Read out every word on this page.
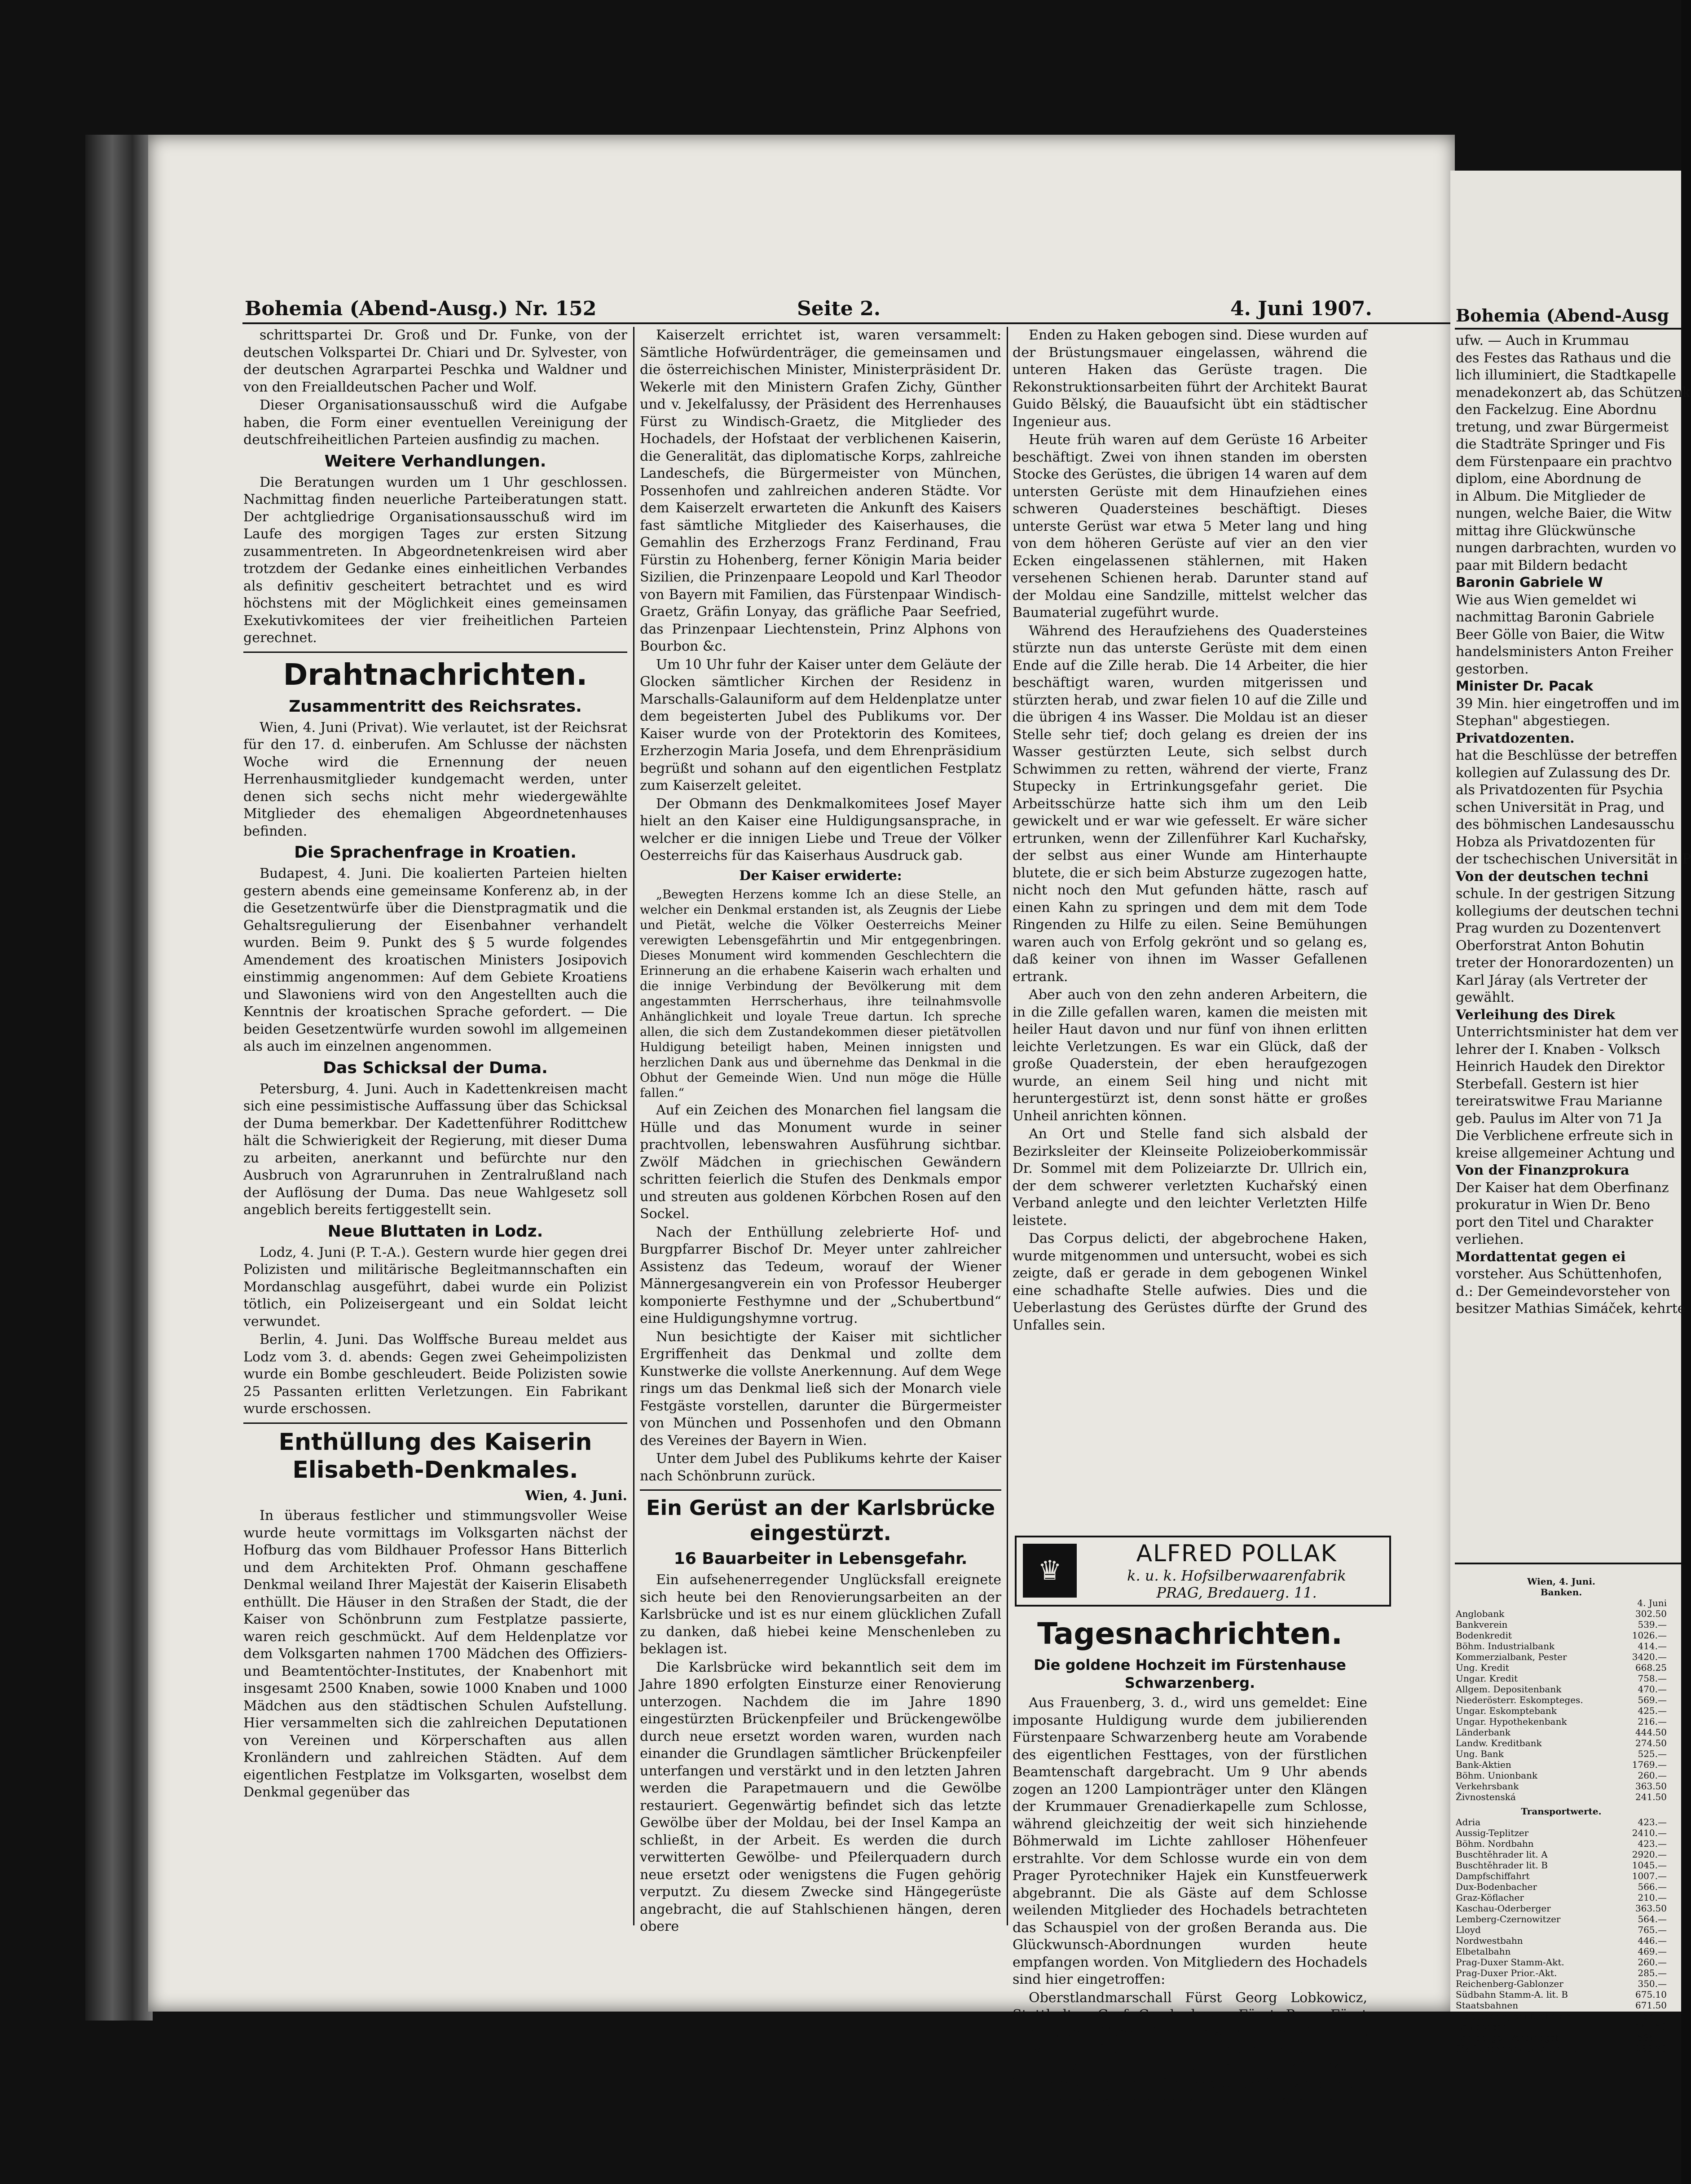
Bohemia (Abend-Ausg.) Nr. 152	Seite 2.	4. Juni 1907.

schrittspartei Dr. Groß und Dr. Funke, von der deutschen Volkspartei Dr. Chiari und Dr. Sylvester, von der deutschen Agrarpartei Peschka und Waldner und von den Freialldeutschen Pacher und Wolf.

Dieser Organisationsausschuß wird die Aufgabe haben, die Form einer eventuellen Vereinigung der deutschfreiheitlichen Parteien ausfindig zu machen.

Weitere Verhandlungen.

Die Beratungen wurden um 1 Uhr geschlossen. Nachmittag finden neuerliche Parteiberatungen statt. Der achtgliedrige Organisationsausschuß wird im Laufe des morgigen Tages zur ersten Sitzung zusammentreten. In Abgeordnetenkreisen wird aber trotzdem der Gedanke eines einheitlichen Verbandes als definitiv gescheitert betrachtet und es wird höchstens mit der Möglichkeit eines gemeinsamen Exekutivkomitees der vier freiheitlichen Parteien gerechnet.

Drahtnachrichten.
Zusammentritt des Reichsrates.

Wien, 4. Juni (Privat). Wie verlautet, ist der Reichsrat für den 17. d. einberufen. Am Schlusse der nächsten Woche wird die Ernennung der neuen Herrenhausmitglieder kundgemacht werden, unter denen sich sechs nicht mehr wiedergewählte Mitglieder des ehemaligen Abgeordnetenhauses befinden.

Die Sprachenfrage in Kroatien.

Budapest, 4. Juni. Die koalierten Parteien hielten gestern abends eine gemeinsame Konferenz ab, in der die Gesetzentwürfe über die Dienstpragmatik und die Gehaltsregulierung der Eisenbahner verhandelt wurden. Beim 9. Punkt des § 5 wurde folgendes Amendement des kroatischen Ministers Josipovich einstimmig angenommen: Auf dem Gebiete Kroatiens und Slawoniens wird von den Angestellten auch die Kenntnis der kroatischen Sprache gefordert. — Die beiden Gesetzentwürfe wurden sowohl im allgemeinen als auch im einzelnen angenommen.

Das Schicksal der Duma.

Petersburg, 4. Juni. Auch in Kadettenkreisen macht sich eine pessimistische Auffassung über das Schicksal der Duma bemerkbar. Der Kadettenführer Rodittchew hält die Schwierigkeit der Regierung, mit dieser Duma zu arbeiten, anerkannt und befürchte nur den Ausbruch von Agrarunruhen in Zentralrußland nach der Auflösung der Duma. Das neue Wahlgesetz soll angeblich bereits fertiggestellt sein.

Neue Bluttaten in Lodz.

Lodz, 4. Juni (P. T.-A.). Gestern wurde hier gegen drei Polizisten und militärische Begleitmannschaften ein Mordanschlag ausgeführt, dabei wurde ein Polizist tötlich, ein Polizeisergeant und ein Soldat leicht verwundet.

Berlin, 4. Juni. Das Wolffsche Bureau meldet aus Lodz vom 3. d. abends: Gegen zwei Geheimpolizisten wurde ein Bombe geschleudert. Beide Polizisten sowie 25 Passanten erlitten Verletzungen. Ein Fabrikant wurde erschossen.

Enthüllung des Kaiserin Elisabeth-Denkmales.
Wien, 4. Juni.

In überaus festlicher und stimmungsvoller Weise wurde heute vormittags im Volksgarten nächst der Hofburg das vom Bildhauer Professor Hans Bitterlich und dem Architekten Prof. Ohmann geschaffene Denkmal weiland Ihrer Majestät der Kaiserin Elisabeth enthüllt. Die Häuser in den Straßen der Stadt, die der Kaiser von Schönbrunn zum Festplatze passierte, waren reich geschmückt. Auf dem Heldenplatze vor dem Volksgarten nahmen 1700 Mädchen des Offiziers- und Beamtentöchter-Institutes, der Knabenhort mit insgesamt 2500 Knaben, sowie 1000 Knaben und 1000 Mädchen aus den städtischen Schulen Aufstellung. Hier versammelten sich die zahlreichen Deputationen von Vereinen und Körperschaften aus allen Kronländern und zahlreichen Städten. Auf dem eigentlichen Festplatze im Volksgarten, woselbst dem Denkmal gegenüber das

Kaiserzelt errichtet ist, waren versammelt: Sämtliche Hofwürdenträger, die gemeinsamen und die österreichischen Minister, Ministerpräsident Dr. Wekerle mit den Ministern Grafen Zichy, Günther und v. Jekelfalussy, der Präsident des Herrenhauses Fürst zu Windisch-Graetz, die Mitglieder des Hochadels, der Hofstaat der verblichenen Kaiserin, die Generalität, das diplomatische Korps, zahlreiche Landeschefs, die Bürgermeister von München, Possenhofen und zahlreichen anderen Städte. Vor dem Kaiserzelt erwarteten die Ankunft des Kaisers fast sämtliche Mitglieder des Kaiserhauses, die Gemahlin des Erzherzogs Franz Ferdinand, Frau Fürstin zu Hohenberg, ferner Königin Maria beider Sizilien, die Prinzenpaare Leopold und Karl Theodor von Bayern mit Familien, das Fürstenpaar Windisch-Graetz, Gräfin Lonyay, das gräfliche Paar Seefried, das Prinzenpaar Liechtenstein, Prinz Alphons von Bourbon &c.

Um 10 Uhr fuhr der Kaiser unter dem Geläute der Glocken sämtlicher Kirchen der Residenz in Marschalls-Galauniform auf dem Heldenplatze unter dem begeisterten Jubel des Publikums vor. Der Kaiser wurde von der Protektorin des Komitees, Erzherzogin Maria Josefa, und dem Ehrenpräsidium begrüßt und sohann auf den eigentlichen Festplatz zum Kaiserzelt geleitet.

Der Obmann des Denkmalkomitees Josef Mayer hielt an den Kaiser eine Huldigungsansprache, in welcher er die innigen Liebe und Treue der Völker Oesterreichs für das Kaiserhaus Ausdruck gab.

Der Kaiser erwiderte:

„Bewegten Herzens komme Ich an diese Stelle, an welcher ein Denkmal erstanden ist, als Zeugnis der Liebe und Pietät, welche die Völker Oesterreichs Meiner verewigten Lebensgefährtin und Mir entgegenbringen. Dieses Monument wird kommenden Geschlechtern die Erinnerung an die erhabene Kaiserin wach erhalten und die innige Verbindung der Bevölkerung mit dem angestammten Herrscherhaus, ihre teilnahmsvolle Anhänglichkeit und loyale Treue dartun. Ich spreche allen, die sich dem Zustandekommen dieser pietätvollen Huldigung beteiligt haben, Meinen innigsten und herzlichen Dank aus und übernehme das Denkmal in die Obhut der Gemeinde Wien. Und nun möge die Hülle fallen.“

Auf ein Zeichen des Monarchen fiel langsam die Hülle und das Monument wurde in seiner prachtvollen, lebenswahren Ausführung sichtbar. Zwölf Mädchen in griechischen Gewändern schritten feierlich die Stufen des Denkmals empor und streuten aus goldenen Körbchen Rosen auf den Sockel.

Nach der Enthüllung zelebrierte Hof- und Burgpfarrer Bischof Dr. Meyer unter zahlreicher Assistenz das Tedeum, worauf der Wiener Männergesangverein ein von Professor Heuberger komponierte Festhymne und der „Schubertbund“ eine Huldigungshymne vortrug.

Nun besichtigte der Kaiser mit sichtlicher Ergriffenheit das Denkmal und zollte dem Kunstwerke die vollste Anerkennung. Auf dem Wege rings um das Denkmal ließ sich der Monarch viele Festgäste vorstellen, darunter die Bürgermeister von München und Possenhofen und den Obmann des Vereines der Bayern in Wien.

Unter dem Jubel des Publikums kehrte der Kaiser nach Schönbrunn zurück.

Ein Gerüst an der Karlsbrücke eingestürzt.
16 Bauarbeiter in Lebensgefahr.

Ein aufsehenerregender Unglücksfall ereignete sich heute bei den Renovierungsarbeiten an der Karlsbrücke und ist es nur einem glücklichen Zufall zu danken, daß hiebei keine Menschenleben zu beklagen ist.

Die Karlsbrücke wird bekanntlich seit dem im Jahre 1890 erfolgten Einsturze einer Renovierung unterzogen. Nachdem die im Jahre 1890 eingestürzten Brückenpfeiler und Brückengewölbe durch neue ersetzt worden waren, wurden nach einander die Grundlagen sämtlicher Brückenpfeiler unterfangen und verstärkt und in den letzten Jahren werden die Parapetmauern und die Gewölbe restauriert. Gegenwärtig befindet sich das letzte Gewölbe über der Moldau, bei der Insel Kampa an schließt, in der Arbeit. Es werden die durch verwitterten Gewölbe- und Pfeilerquadern durch neue ersetzt oder wenigstens die Fugen gehörig verputzt. Zu diesem Zwecke sind Hängegerüste angebracht, die auf Stahlschienen hängen, deren obere

Enden zu Haken gebogen sind. Diese wurden auf der Brüstungsmauer eingelassen, während die unteren Haken das Gerüste tragen. Die Rekonstruktionsarbeiten führt der Architekt Baurat Guido Bělský, die Bauaufsicht übt ein städtischer Ingenieur aus.

Heute früh waren auf dem Gerüste 16 Arbeiter beschäftigt. Zwei von ihnen standen im obersten Stocke des Gerüstes, die übrigen 14 waren auf dem untersten Gerüste mit dem Hinaufziehen eines schweren Quadersteines beschäftigt. Dieses unterste Gerüst war etwa 5 Meter lang und hing von dem höheren Gerüste auf vier an den vier Ecken eingelassenen stählernen, mit Haken versehenen Schienen herab. Darunter stand auf der Moldau eine Sandzille, mittelst welcher das Baumaterial zugeführt wurde.

Während des Heraufziehens des Quadersteines stürzte nun das unterste Gerüste mit dem einen Ende auf die Zille herab. Die 14 Arbeiter, die hier beschäftigt waren, wurden mitgerissen und stürzten herab, und zwar fielen 10 auf die Zille und die übrigen 4 ins Wasser. Die Moldau ist an dieser Stelle sehr tief; doch gelang es dreien der ins Wasser gestürzten Leute, sich selbst durch Schwimmen zu retten, während der vierte, Franz Stupecky in Ertrinkungsgefahr geriet. Die Arbeitsschürze hatte sich ihm um den Leib gewickelt und er war wie gefesselt. Er wäre sicher ertrunken, wenn der Zillenführer Karl Kuchařsky, der selbst aus einer Wunde am Hinterhaupte blutete, die er sich beim Absturze zugezogen hatte, nicht noch den Mut gefunden hätte, rasch auf einen Kahn zu springen und dem mit dem Tode Ringenden zu Hilfe zu eilen. Seine Bemühungen waren auch von Erfolg gekrönt und so gelang es, daß keiner von ihnen im Wasser Gefallenen ertrank.

Aber auch von den zehn anderen Arbeitern, die in die Zille gefallen waren, kamen die meisten mit heiler Haut davon und nur fünf von ihnen erlitten leichte Verletzungen. Es war ein Glück, daß der große Quaderstein, der eben heraufgezogen wurde, an einem Seil hing und nicht mit heruntergestürzt ist, denn sonst hätte er großes Unheil anrichten können.

An Ort und Stelle fand sich alsbald der Bezirksleiter der Kleinseite Polizeioberkommissär Dr. Sommel mit dem Polizeiarzte Dr. Ullrich ein, der dem schwerer verletzten Kuchařský einen Verband anlegte und den leichter Verletzten Hilfe leistete.

Das Corpus delicti, der abgebrochene Haken, wurde mitgenommen und untersucht, wobei es sich zeigte, daß er gerade in dem gebogenen Winkel eine schadhafte Stelle aufwies. Dies und die Ueberlastung des Gerüstes dürfte der Grund des Unfalles sein.

♛
ALFRED POLLAK
k. u. k. Hofsilberwaarenfabrik
PRAG, Bredauerg. 11.
Tagesnachrichten.
Die goldene Hochzeit im Fürstenhause Schwarzenberg.

Aus Frauenberg, 3. d., wird uns gemeldet: Eine imposante Huldigung wurde dem jubilierenden Fürstenpaare Schwarzenberg heute am Vorabende des eigentlichen Festtages, von der fürstlichen Beamtenschaft dargebracht. Um 9 Uhr abends zogen an 1200 Lampionträger unter den Klängen der Krummauer Grenadierkapelle zum Schlosse, während gleichzeitig der weit sich hinziehende Böhmerwald im Lichte zahlloser Höhenfeuer erstrahlte. Vor dem Schlosse wurde ein von dem Prager Pyrotechniker Hajek ein Kunstfeuerwerk abgebrannt. Die als Gäste auf dem Schlosse weilenden Mitglieder des Hochadels betrachteten das Schauspiel von der großen Beranda aus. Die Glückwunsch-Abordnungen wurden heute empfangen worden. Von Mitgliedern des Hochadels sind hier eingetroffen:

Oberstlandmarschall Fürst Georg Lobkowicz, Statthalter Graf Coudenhove, Fürst Paar, Fürst Schönburg, Fürst Karl Schwarzenberg, Erbprinz Löwenstein, Fürst Hans Schönburg, Prinz Heinrich Liechtenstein, Graf Lamberg, Graf Moriz Esterhazy, Graf Louis Esterhazy, Graf Oswald Thun, Graf Louis Trauttmansdorff, Graf Otto Westphalen

Bohemia (Abend-Ausg

ufw. — Auch in Krummau

des Festes das Rathaus und die

lich illuminiert, die Stadtkapelle

menadekonzert ab, das Schützenk

den Fackelzug. Eine Abordnu

tretung, und zwar Bürgermeist

die Stadträte Springer und Fis

dem Fürstenpaare ein prachtvo

diplom, eine Abordnung de

in Album. Die Mitglieder de

nungen, welche Baier, die Witw

mittag ihre Glückwünsche

nungen darbrachten, wurden vo

paar mit Bildern bedacht

Baronin Gabriele W

Wie aus Wien gemeldet wi

nachmittag Baronin Gabriele

Beer Gölle von Baier, die Witw

handelsministers Anton Freiher

gestorben.

Minister Dr. Pacak

39 Min. hier eingetroffen und im

Stephan" abgestiegen.

Privatdozenten.

hat die Beschlüsse der betreffen

kollegien auf Zulassung des Dr.

als Privatdozenten für Psychia

schen Universität in Prag, und

des böhmischen Landesausschu

Hobza als Privatdozenten für

der tschechischen Universität in P

Von der deutschen techni

schule. In der gestrigen Sitzung

kollegiums der deutschen techni

Prag wurden zu Dozentenvert

Oberforstrat Anton Bohutin

treter der Honorardozenten) un

Karl Járay (als Vertreter der

gewählt.

Verleihung des Direk

Unterrichtsminister hat dem ver

lehrer der I. Knaben - Volksch

Heinrich Haudek den Direktor

Sterbefall. Gestern ist hier

tereiratswitwe Frau Marianne

geb. Paulus im Alter von 71 Ja

Die Verblichene erfreute sich in

kreise allgemeiner Achtung und

Von der Finanzprokura

Der Kaiser hat dem Oberfinanz

prokuratur in Wien Dr. Beno

port den Titel und Charakter

verliehen.

Mordattentat gegen ei

vorsteher. Aus Schüttenhofen,

d.: Der Gemeindevorsteher von

besitzer Mathias Simáček, kehrte

Wien, 4. Juni.
Banken.
4. Juni
Anglobank	302.50
Bankverein	539.—
Bodenkredit	1026.—
Böhm. Industrialbank	414.—
Kommerzialbank, Pester	3420.—
Ung. Kredit	668.25
Ungar. Kredit	758.—
Allgem. Depositenbank	470.—
Niederösterr. Eskompteges.	569.—
Ungar. Eskomptebank	425.—
Ungar. Hypothekenbank	216.—
Länderbank	444.50
Landw. Kreditbank	274.50
Ung. Bank	525.—
Bank-Aktien	1769.—
Böhm. Unionbank	260.—
Verkehrsbank	363.50
Živnostenská	241.50
Transportwerte.
Adria	423.—
Aussig-Teplitzer	2410.—
Böhm. Nordbahn	423.—
Buschtěhrader lit. A	2920.—
Buschtěhrader lit. B	1045.—
Dampfschiffahrt	1007.—
Dux-Bodenbacher	566.—
Graz-Köflacher	210.—
Kaschau-Oderberger	363.50
Lemberg-Czernowitzer	564.—
Lloyd	765.—
Nordwestbahn	446.—
Elbetalbahn	469.—
Prag-Duxer Stamm-Akt.	260.—
Prag-Duxer Prior.-Akt.	285.—
Reichenberg-Gablonzer	350.—
Südbahn Stamm-A. lit. B	675.10
Staatsbahnen	671.50
Staatsbahngenußscheine	154.—
Lombarden	154.50
Lemberger Verbindgsb.	535.—
3% Südbahnprioritäten, Juli	298.70
